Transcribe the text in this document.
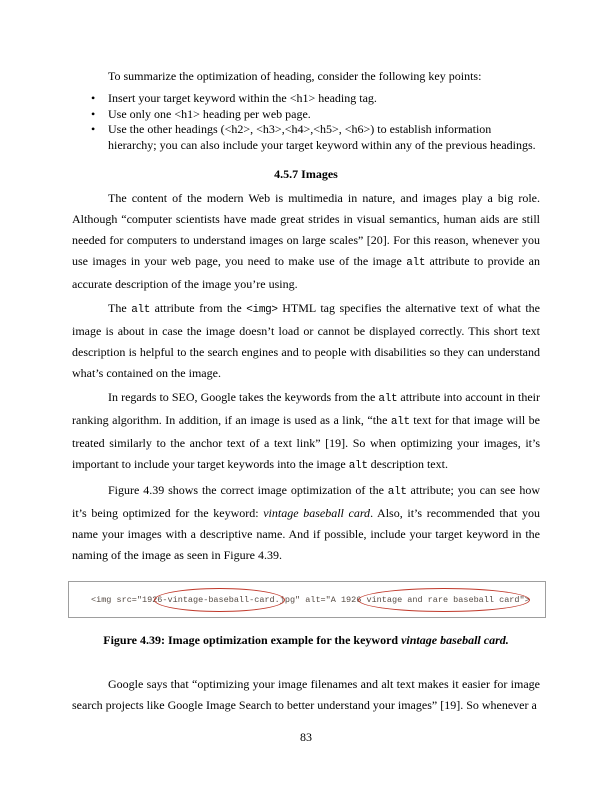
To summarize the optimization of heading, consider the following key points:

• Insert your target keyword within the <h1> heading tag.
• Use only one <h1> heading per web page.
• Use the other headings (<h2>, <h3>,<h4>,<h5>, <h6>) to establish information hierarchy; you can also include your target keyword within any of the previous headings.
4.5.7 Images

The content of the modern Web is multimedia in nature, and images play a big role. Although “computer scientists have made great strides in visual semantics, human aids are still needed for computers to understand images on large scales” [20]. For this reason, whenever you use images in your web page, you need to make use of the image alt attribute to provide an accurate description of the image you’re using.

The alt attribute from the <img> HTML tag specifies the alternative text of what the image is about in case the image doesn’t load or cannot be displayed correctly. This short text description is helpful to the search engines and to people with disabilities so they can understand what’s contained on the image.

In regards to SEO, Google takes the keywords from the alt attribute into account in their ranking algorithm. In addition, if an image is used as a link, “the alt text for that image will be treated similarly to the anchor text of a text link” [19]. So when optimizing your images, it’s important to include your target keywords into the image alt description text.

Figure 4.39 shows the correct image optimization of the alt attribute; you can see how it’s being optimized for the keyword: vintage baseball card. Also, it’s recommended that you name your images with a descriptive name. And if possible, include your target keyword in the naming of the image as seen in Figure 4.39.

<img src="1926-vintage-baseball-card.jpg" alt="A 1926 vintage and rare baseball card">

Figure 4.39: Image optimization example for the keyword vintage baseball card.

Google says that “optimizing your image filenames and alt text makes it easier for image search projects like Google Image Search to better understand your images” [19]. So whenever a

83
